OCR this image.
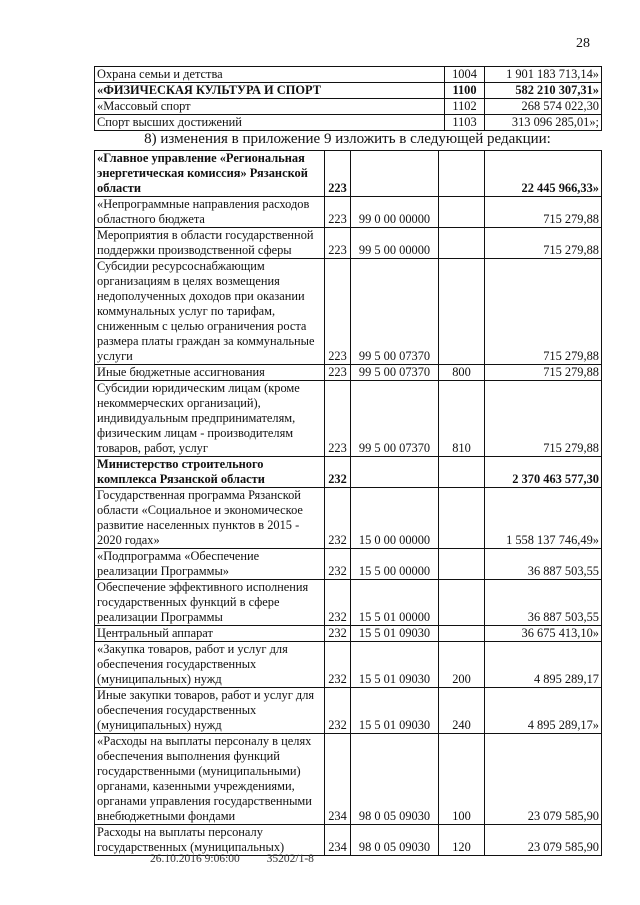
28
Охрана семьи и детства	1004	1 901 183 713,14»
«ФИЗИЧЕСКАЯ КУЛЬТУРА И СПОРТ	1100	582 210 307,31»
«Массовый спорт	1102	268 574 022,30
Спорт высших достижений	1103	313 096 285,01»;
8) изменения в приложение 9 изложить в следующей редакции:
«Главное управление «Региональная энергетическая комиссия» Рязанской области	223			22 445 966,33»
«Непрограммные направления расходов областного бюджета	223	99 0 00 00000		715 279,88
Мероприятия в области государственной поддержки производственной сферы	223	99 5 00 00000		715 279,88
Субсидии ресурсоснабжающим организациям в целях возмещения недополученных доходов при оказании коммунальных услуг по тарифам, сниженным с целью ограничения роста размера платы граждан за коммунальные услуги	223	99 5 00 07370		715 279,88
Иные бюджетные ассигнования	223	99 5 00 07370	800	715 279,88
Субсидии юридическим лицам (кроме некоммерческих организаций), индивидуальным предпринимателям, физическим лицам - производителям товаров, работ, услуг	223	99 5 00 07370	810	715 279,88
Министерство строительного комплекса Рязанской области	232			2 370 463 577,30
Государственная программа Рязанской области «Социальное и экономическое развитие населенных пунктов в 2015 - 2020 годах»	232	15 0 00 00000		1 558 137 746,49»
«Подпрограмма «Обеспечение реализации Программы»	232	15 5 00 00000		36 887 503,55
Обеспечение эффективного исполнения государственных функций в сфере реализации Программы	232	15 5 01 00000		36 887 503,55
Центральный аппарат	232	15 5 01 09030		36 675 413,10»
«Закупка товаров, работ и услуг для обеспечения государственных (муниципальных) нужд	232	15 5 01 09030	200	4 895 289,17
Иные закупки товаров, работ и услуг для обеспечения государственных (муниципальных) нужд	232	15 5 01 09030	240	4 895 289,17»
«Расходы на выплаты персоналу в целях обеспечения выполнения функций государственными (муниципальными) органами, казенными учреждениями, органами управления государственными внебюджетными фондами	234	98 0 05 09030	100	23 079 585,90
Расходы на выплаты персоналу государственных (муниципальных)	234	98 0 05 09030	120	23 079 585,90
26.10.2016 9:06:00 35202/1-8
